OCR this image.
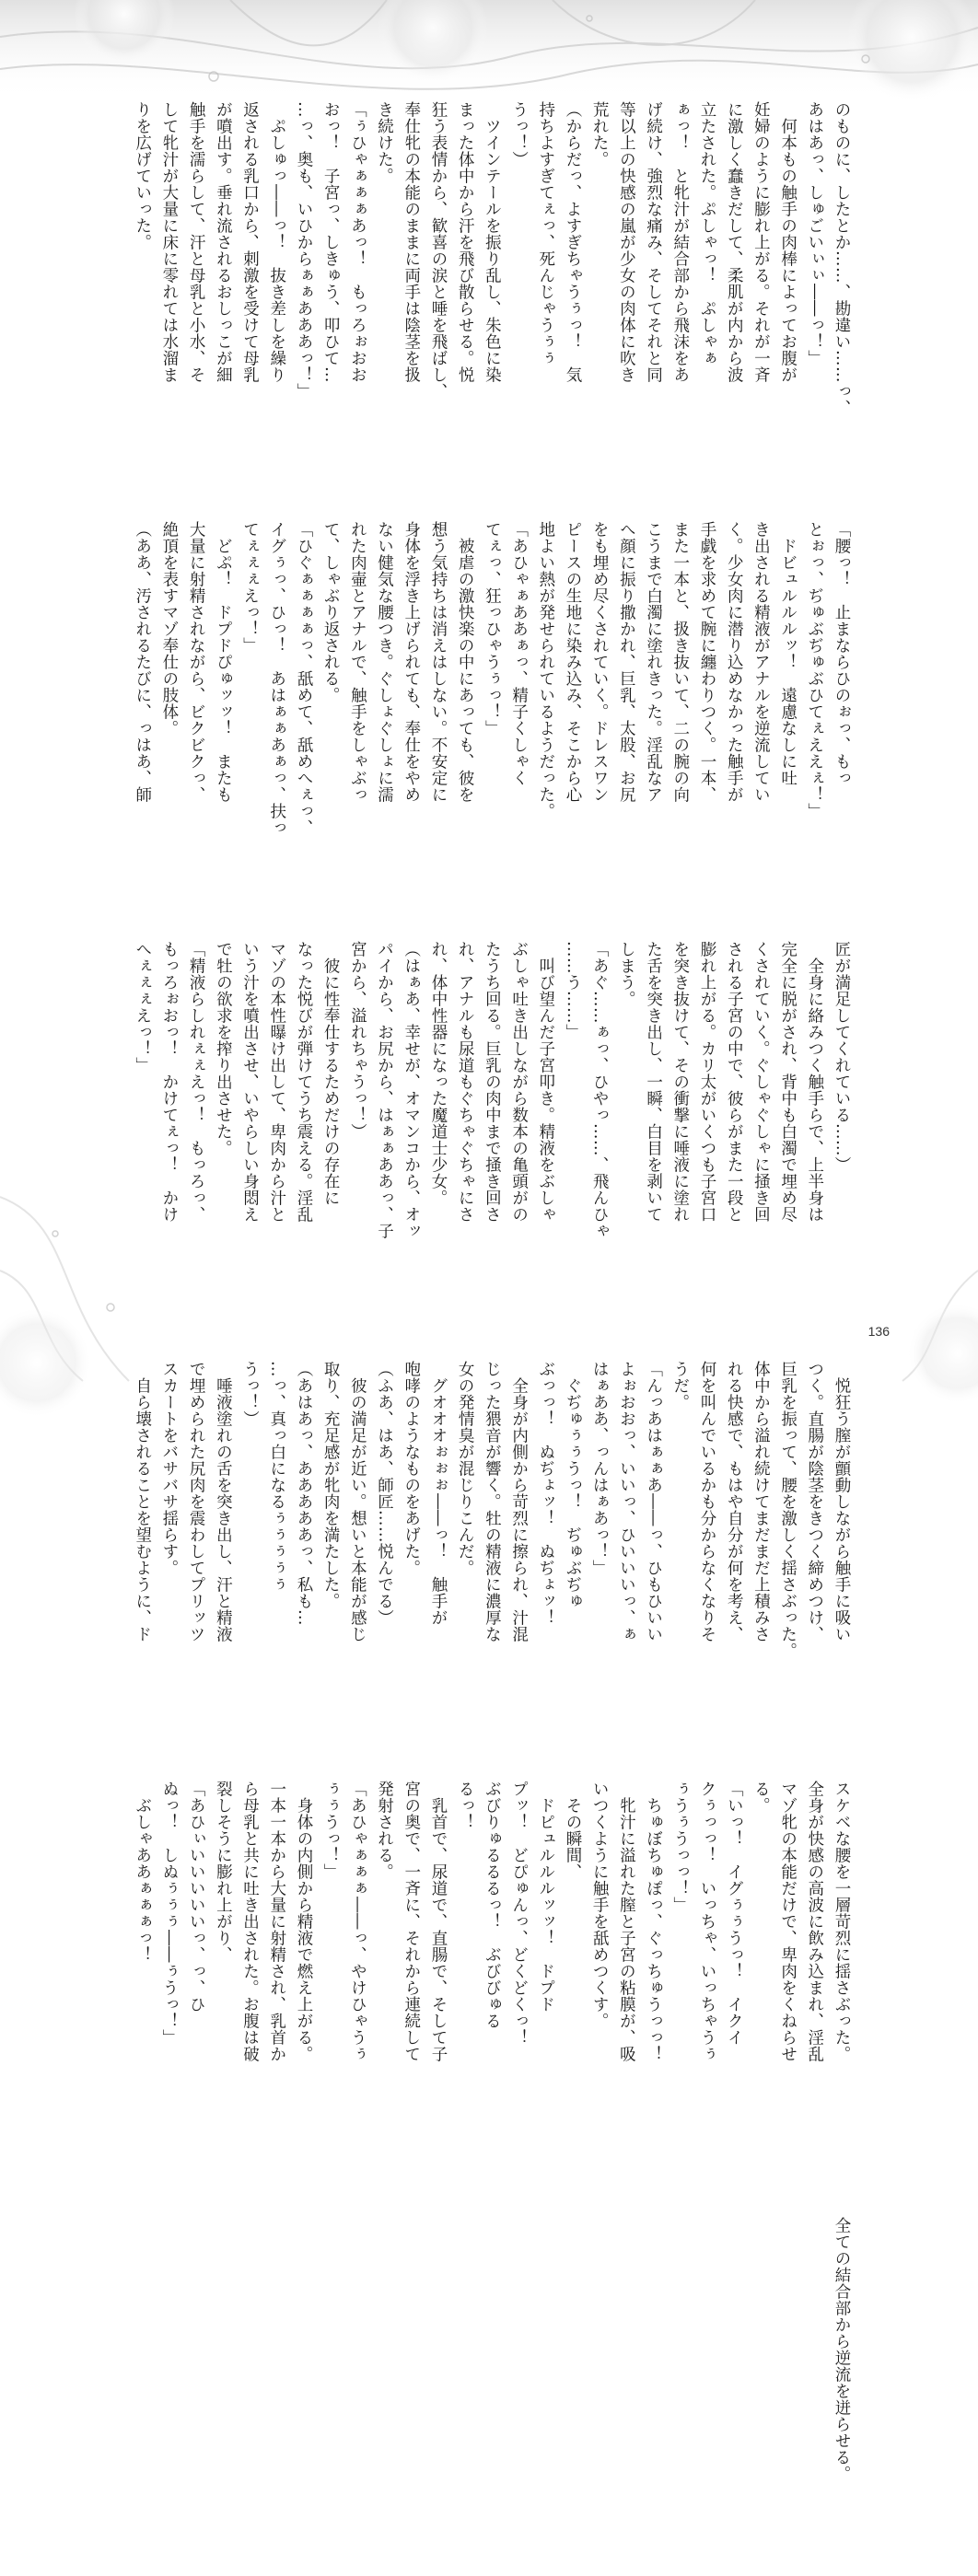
のものに、したとか……、勘違い……っ、

あはあっ、しゅごいぃぃ――っ！」

　何本もの触手の肉棒によってお腹が

妊婦のように膨れ上がる。それが一斉

に激しく蠢きだして、柔肌が内から波

立たされた。ぷしゃっ！　ぷしゃぁ

ぁっ！　と牝汁が結合部から飛沫をあ

げ続け、強烈な痛み、そしてそれと同

等以上の快感の嵐が少女の肉体に吹き

荒れた。

（からだっ、よすぎちゃうぅっ！　気

持ちよすぎてぇっ、死んじゃうぅぅ

うっ！）

　ツインテールを振り乱し、朱色に染

まった体中から汗を飛び散らせる。悦

狂う表情から、歓喜の涙と唾を飛ばし、

奉仕牝の本能のままに両手は陰茎を扱

き続けた。

「ぅひゃぁぁぁあっ！　もっろぉおお

おっ！　子宮っ、しきゅう、叩ひて…

…っ、奥も、いひからぁぁあああっ！」

　ぷしゅっ――っ！　抜き差しを繰り

返される乳口から、刺激を受けて母乳

が噴出す。垂れ流されるおしっこが細

触手を濡らして、汗と母乳と小水、そ

して牝汁が大量に床に零れては水溜ま

りを広げていった。

「腰っ！　止まならひのぉっ、もっ

とぉっ、ぢゅぶぢゅぶひてぇええぇ！」

　ドビュルルルッ！　遠慮なしに吐

き出される精液がアナルを逆流してい

く。少女肉に潜り込めなかった触手が

手戯を求めて腕に纏わりつく。一本、

また一本と、扱き抜いて、二の腕の向

こうまで白濁に塗れきった。淫乱なア

へ顔に振り撒かれ、巨乳、太股、お尻

をも埋め尽くされていく。ドレスワン

ピースの生地に染み込み、そこから心

地よい熱が発せられているようだった。

「あひゃぁああぁっ、精子くしゃく

てぇっ、狂っひゃうぅっ！」

　被虐の激快楽の中にあっても、彼を

想う気持ちは消えはしない。不安定に

身体を浮き上げられても、奉仕をやめ

ない健気な腰つき。ぐしょぐしょに濡

れた肉壷とアナルで、触手をしゃぶっ

て、しゃぶり返される。

「ひぐぁぁぁぁっ、舐めて、舐めへぇっ、

イグぅっ、ひっ！　あはぁぁあぁっ、扶っ

てぇぇぇえっ！」

　どぷ！　ドプドぴゅッッ！　またも

大量に射精されながら、ビクビクっ、

絶頂を表すマゾ奉仕の肢体。

（ああ、汚されるたびに、っはあ、師

匠が満足してくれている……）

　全身に絡みつく触手らで、上半身は

完全に脱がされ、背中も白濁で埋め尽

くされていく。ぐしゃぐしゃに掻き回

される子宮の中で、彼らがまた一段と

膨れ上がる。カリ太がいくつも子宮口

を突き抜けて、その衝撃に唾液に塗れ

た舌を突き出し、一瞬、白目を剥いて

しまう。

「あぐ……ぁっ、ひやっ……、飛んひゃ

……う……」

　叫び望んだ子宮叩き。精液をぶしゃ

ぶしゃ吐き出しながら数本の亀頭がの

たうち回る。巨乳の肉中まで掻き回さ

れ、アナルも尿道もぐちゃぐちゃにさ

れ、体中性器になった魔道士少女。

（はぁあ、幸せが、オマンコから、オッ

パイから、お尻から、はぁぁああっ、子

宮から、溢れちゃうっ！）

　彼に性奉仕するためだけの存在に

なった悦びが弾けてうち震える。淫乱

マゾの本性曝け出して、卑肉から汁と

いう汁を噴出させ、いやらしい身悶え

で牡の欲求を搾り出させた。

「精液らしれぇぇえっ！　もっろっ、

もっろぉおっ！　かけてぇっ！　かけ

へぇぇぇえっ！」

　悦狂う膣が顫動しながら触手に吸い

つく。直腸が陰茎をきつく締めつけ、

巨乳を振って、腰を激しく揺さぶった。

体中から溢れ続けてまだまだ上積みさ

れる快感で、もはや自分が何を考え、

何を叫んでいるかも分からなくなりそ

うだ。

「んっあはぁぁあ――っ、ひもひいい

よぉおおっ、いいっ、ひいいいっ、ぁ

はぁああ、っんはぁあっ！」

　ぐぢゅぅぅうっ！　ぢゅぶぢゅ

ぶっっ！　ぬぢょッ！　ぬぢょッ！

　全身が内側から苛烈に擦られ、汁混

じった猥音が響く。牡の精液に濃厚な

女の発情臭が混じりこんだ。

　グオオオぉぉぉ――っ！　触手が

咆哮のようなものをあげた。

（ふあ、はあ、師匠……悦んでる）

　彼の満足が近い。想いと本能が感じ

取り、充足感が牝肉を満たした。

（あはあっ、あああああっ、私も…

…っ、真っ白になるぅぅぅぅぅ

うっ！）

　唾液塗れの舌を突き出し、汗と精液

で埋められた尻肉を震わしてプリッツ

スカートをバサバサ揺らす。

　自ら壊されることを望むように、ド

スケベな腰を一層苛烈に揺さぶった。

全身が快感の高波に飲み込まれ、淫乱

マゾ牝の本能だけで、卑肉をくねらせ

る。

「いっ！　イグぅぅうっ！　イクイ

クぅっっ！　いっちゃ、いっちゃうぅ

ぅうぅうっっ！」

　ちゅぼちゅぽっ、ぐっちゅうっっ！

　牝汁に溢れた膣と子宮の粘膜が、吸

いつくように触手を舐めつくす。

　その瞬間、

　ドピュルルルッッ！　ドプド

プッ！　どぴゅんっ、どくどくっ！

ぶびりゅるるるっ！　ぶびびゅる

るっ！

　乳首で、尿道で、直腸で、そして子

宮の奥で、一斉に、それから連続して

発射される。

「あひゃぁぁぁ――っ、やけひゃうぅ

ぅぅうっ！」

　身体の内側から精液で燃え上がる。

一本一本から大量に射精され、乳首か

ら母乳と共に吐き出された。お腹は破

裂しそうに膨れ上がり、

「あひぃいいいいいっ、っ、ひ

ぬっ！　しぬぅぅぅ――ぅうっ！」

　ぶしゃああぁぁぁっ！

　全ての結合部から逆流を迸らせる。

136
